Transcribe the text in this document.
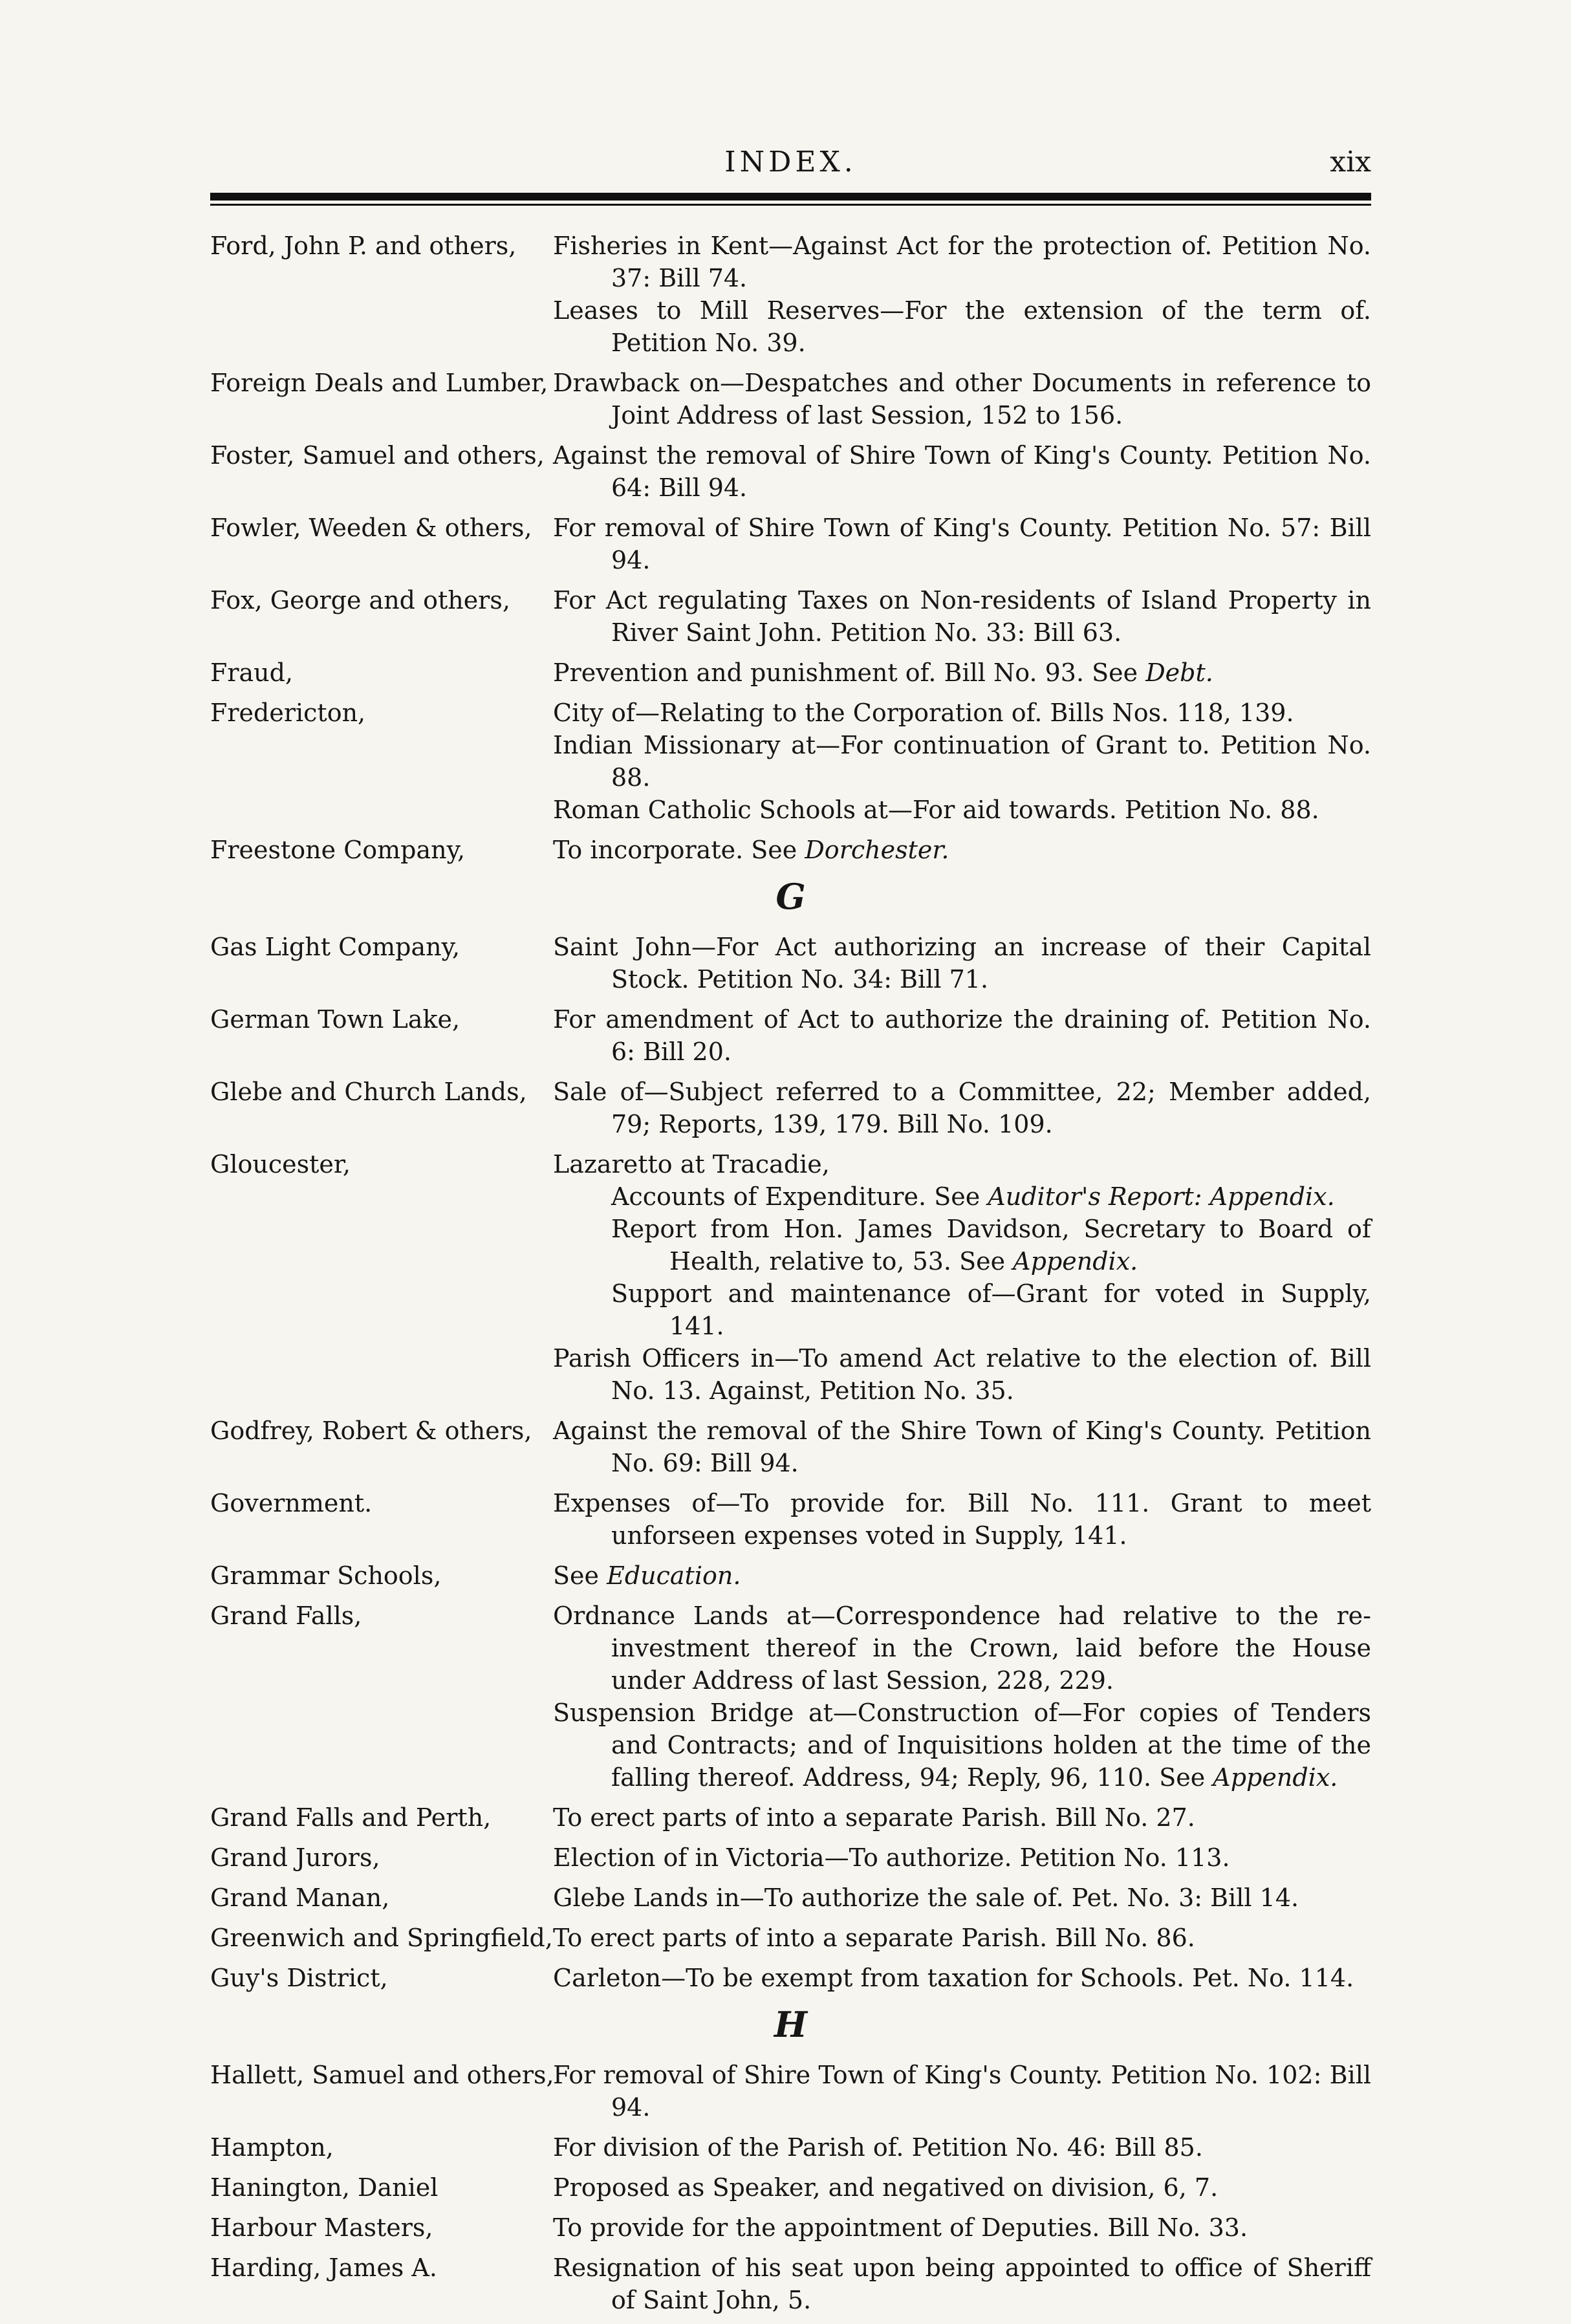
INDEX.	xix
Ford, John P. and others,	Fisheries in Kent—Against Act for the protection of. Petition No. 37: Bill 74.
Leases to Mill Reserves—For the extension of the term of. Petition No. 39.
Foreign Deals and Lumber, Drawback on—Despatches and other Documents in reference to Joint Address of last Session, 152 to 156.
Foster, Samuel and others, Against the removal of Shire Town of King's County. Petition No. 64: Bill 94.
Fowler, Weeden & others, For removal of Shire Town of King's County. Petition No. 57: Bill 94.
Fox, George and others,	For Act regulating Taxes on Non-residents of Island Property in River Saint John. Petition No. 33: Bill 63.
Fraud,	Prevention and punishment of. Bill No. 93. See Debt.
Fredericton,	City of—Relating to the Corporation of. Bills Nos. 118, 139.
Indian Missionary at—For continuation of Grant to. Petition No. 88.
Roman Catholic Schools at—For aid towards. Petition No. 88.
Freestone Company,	To incorporate. See Dorchester.
G
Gas Light Company,	Saint John—For Act authorizing an increase of their Capital Stock. Petition No. 34: Bill 71.
German Town Lake,	For amendment of Act to authorize the draining of. Petition No. 6: Bill 20.
Glebe and Church Lands,	Sale of—Subject referred to a Committee, 22; Member added, 79; Reports, 139, 179. Bill No. 109.
Gloucester,	Lazaretto at Tracadie,
Accounts of Expenditure. See Auditor's Report: Appendix.
Report from Hon. James Davidson, Secretary to Board of Health, relative to, 53. See Appendix.
Support and maintenance of—Grant for voted in Supply, 141.
Parish Officers in—To amend Act relative to the election of. Bill No. 13. Against, Petition No. 35.
Godfrey, Robert & others, Against the removal of the Shire Town of King's County. Petition No. 69: Bill 94.
Government.	Expenses of—To provide for. Bill No. 111. Grant to meet unforseen expenses voted in Supply, 141.
Grammar Schools,	See Education.
Grand Falls,	Ordnance Lands at—Correspondence had relative to the re-investment thereof in the Crown, laid before the House under Address of last Session, 228, 229.
Suspension Bridge at—Construction of—For copies of Tenders and Contracts; and of Inquisitions holden at the time of the falling thereof. Address, 94; Reply, 96, 110. See Appendix.
Grand Falls and Perth,	To erect parts of into a separate Parish. Bill No. 27.
Grand Jurors,	Election of in Victoria—To authorize. Petition No. 113.
Grand Manan,	Glebe Lands in—To authorize the sale of. Pet. No. 3: Bill 14.
Greenwich and Springfield, To erect parts of into a separate Parish. Bill No. 86.
Guy's District,	Carleton—To be exempt from taxation for Schools. Pet. No. 114.
H
Hallett, Samuel and others,
For removal of Shire Town of King's County. Petition No. 102: Bill 94.
Hampton,	For division of the Parish of. Petition No. 46: Bill 85.
Hanington, Daniel	Proposed as Speaker, and negatived on division, 6, 7.
Harbour Masters,	To provide for the appointment of Deputies. Bill No. 33.
Harding, James A.	Resignation of his seat upon being appointed to office of Sheriff of Saint John, 5.
